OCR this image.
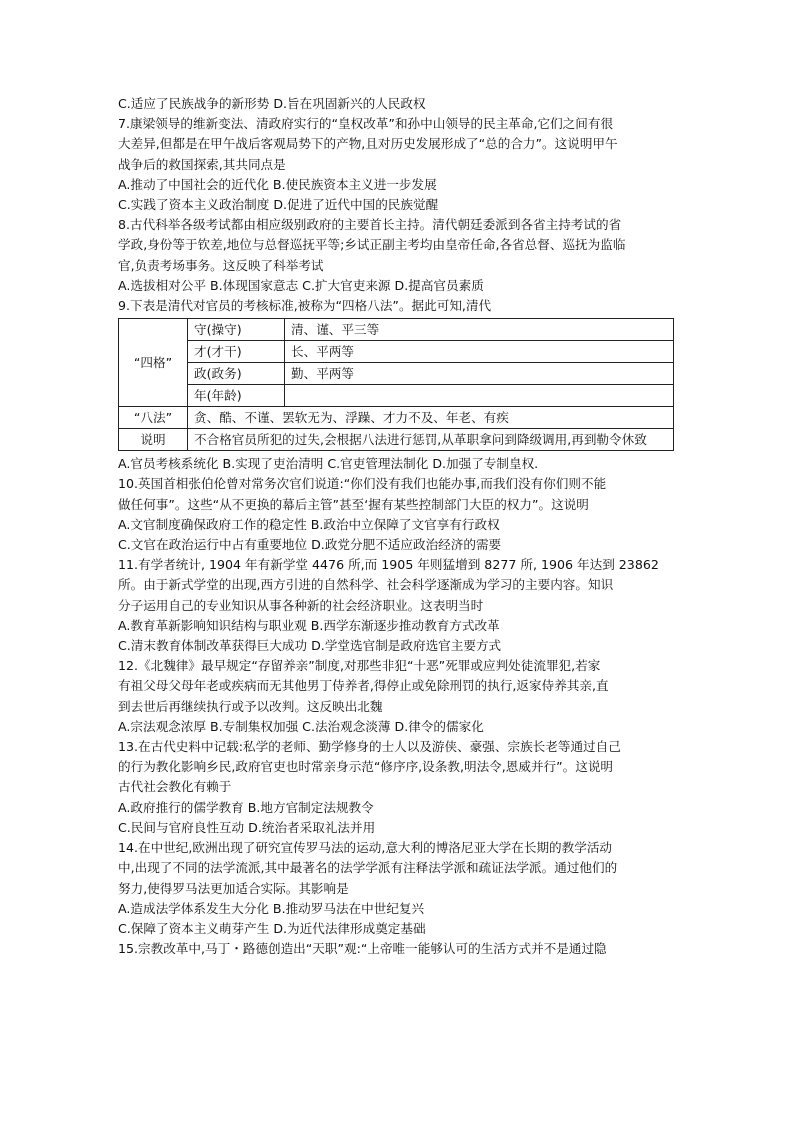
C.适应了民族战争的新形势 D.旨在巩固新兴的人民政权
7.康梁领导的维新变法、清政府实行的“皇权改革”和孙中山领导的民主革命,它们之间有很
大差异,但都是在甲午战后客观局势下的产物,且对历史发展形成了“总的合力”。这说明甲午
战争后的救国探索,其共同点是
A.推动了中国社会的近代化 B.使民族资本主义进一步发展
C.实践了资本主义政治制度 D.促进了近代中国的民族觉醒
8.古代科举各级考试都由相应级别政府的主要首长主持。清代朝廷委派到各省主持考试的省
学政,身份等于钦差,地位与总督巡抚平等;乡试正副主考均由皇帝任命,各省总督、巡抚为监临
官,负责考场事务。这反映了科举考试
A.选拔相对公平 B.体现国家意志 C.扩大官吏来源 D.提高官员素质
9.下表是清代对官员的考核标准,被称为“四格八法”。据此可知,清代
“四格”	守(操守)	清、谨、平三等
	才(才干)	长、平两等
	政(政务)	勤、平两等
	年(年龄)	
“八法”	贪、酷、不谨、罢软无为、浮躁、才力不及、年老、有疾	
说明	不合格官员所犯的过失,会根据八法进行惩罚,从革职拿问到降级调用,再到勒令休致	
A.官员考核系统化 B.实现了吏治清明 C.官吏管理法制化 D.加强了专制皇权.
10.英国首相张伯伦曾对常务次官们说道:“你们没有我们也能办事,而我们没有你们则不能
做任何事”。这些“从不更换的幕后主管”甚至‘握有某些控制部门大臣的权力”。这说明
A.文官制度确保政府工作的稳定性 B.政治中立保障了文官享有行政权
C.文官在政治运行中占有重要地位 D.政党分肥不适应政治经济的需要
11.有学者统计, 1904 年有新学堂 4476 所,而 1905 年则猛增到 8277 所, 1906 年达到 23862
所。由于新式学堂的出现,西方引进的自然科学、社会科学逐渐成为学习的主要内容。知识
分子运用自己的专业知识从事各种新的社会经济职业。这表明当时
A.教育革新影响知识结构与职业观 B.西学东渐逐步推动教育方式改革
C.清末教育体制改革获得巨大成功 D.学堂选官制是政府选官主要方式
12.《北魏律》最早规定“存留养亲”制度,对那些非犯“十恶”死罪或应判处徒流罪犯,若家
有祖父母父母年老或疾病而无其他男丁侍养者,得停止或免除刑罚的执行,返家侍养其亲,直
到去世后再继续执行或予以改判。这反映出北魏
A.宗法观念浓厚 B.专制集权加强 C.法治观念淡薄 D.律令的儒家化
13.在古代史料中记载:私学的老师、勤学修身的士人以及游侠、豪强、宗族长老等通过自己
的行为教化影响乡民,政府官吏也时常亲身示范“修序序,设条教,明法令,恩威并行”。这说明
古代社会教化有赖于
A.政府推行的儒学教育 B.地方官制定法规教令
C.民间与官府良性互动 D.统治者采取礼法并用
14.在中世纪,欧洲出现了研究宣传罗马法的运动,意大利的博洛尼亚大学在长期的教学活动
中,出现了不同的法学流派,其中最著名的法学学派有注释法学派和疏证法学派。通过他们的
努力,使得罗马法更加适合实际。其影响是
A.造成法学体系发生大分化 B.推动罗马法在中世纪复兴
C.保障了资本主义萌芽产生 D.为近代法律形成奠定基础
15.宗教改革中,马丁・路德创造出“天职”观:“上帝唯一能够认可的生活方式并不是通过隐
